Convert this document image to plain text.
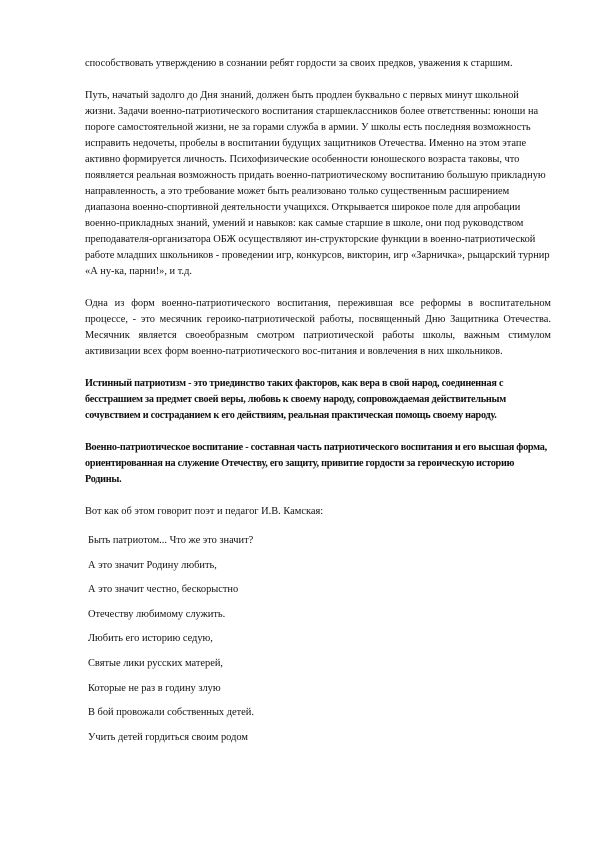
способствовать утверждению в сознании ребят гордости за своих предков, уважения к старшим.

Путь, начатый задолго до Дня знаний, должен быть продлен буквально с первых минут школьной жизни. Задачи военно-патриотического воспитания старшеклассников более ответственны: юноши на пороге самостоятельной жизни, не за горами служба в армии. У школы есть последняя возможность исправить недочеты, пробелы в воспитании будущих защитников Отечества. Именно на этом этапе активно формируется личность. Психофизические особенности юношеского возраста таковы, что появляется реальная возможность придать военно-патриотическому воспитанию большую прикладную направленность, а это требование может быть реализовано только существенным расширением диапазона военно-спортивной деятельности учащихся. Открывается широкое поле для апробации военно-прикладных знаний, умений и навыков: как самые старшие в школе, они под руководством преподавателя-организатора ОБЖ осуществляют ин-структорские функции в военно-патриотической работе младших школьников - проведении игр, конкурсов, викторин, игр «Зарничка», рыцарский турнир «А ну-ка, парни!», и т.д.

Одна из форм военно-патриотического воспитания, пережившая все реформы в воспитательном процессе, - это месячник героико-патриотической работы, посвященный Дню Защитника Отечества. Месячник является своеобразным смотром патриотической работы школы, важным стимулом активизации всех форм военно-патриотического вос-питания и вовлечения в них школьников.

Истинный патриотизм - это триединство таких факторов, как вера в свой народ, соединенная с бесстрашием за предмет своей веры, любовь к своему народу, сопровождаемая действительным сочувствием и состраданием к его действиям, реальная практическая помощь своему народу.

Военно-патриотическое воспитание - составная часть патриотического воспитания и его высшая форма, ориентированная на служение Отечеству, его защиту, привитие гордости за героическую историю Родины.

Вот как об этом говорит поэт и педагог И.В. Камская:

Быть патриотом... Что же это значит?

А это значит Родину любить,

А это значит честно, бескорыстно

Отечеству любимому служить.

Любить его историю седую,

Святые лики русских матерей,

Которые не раз в годину злую

В бой провожали собственных детей.

Учить детей гордиться своим родом
